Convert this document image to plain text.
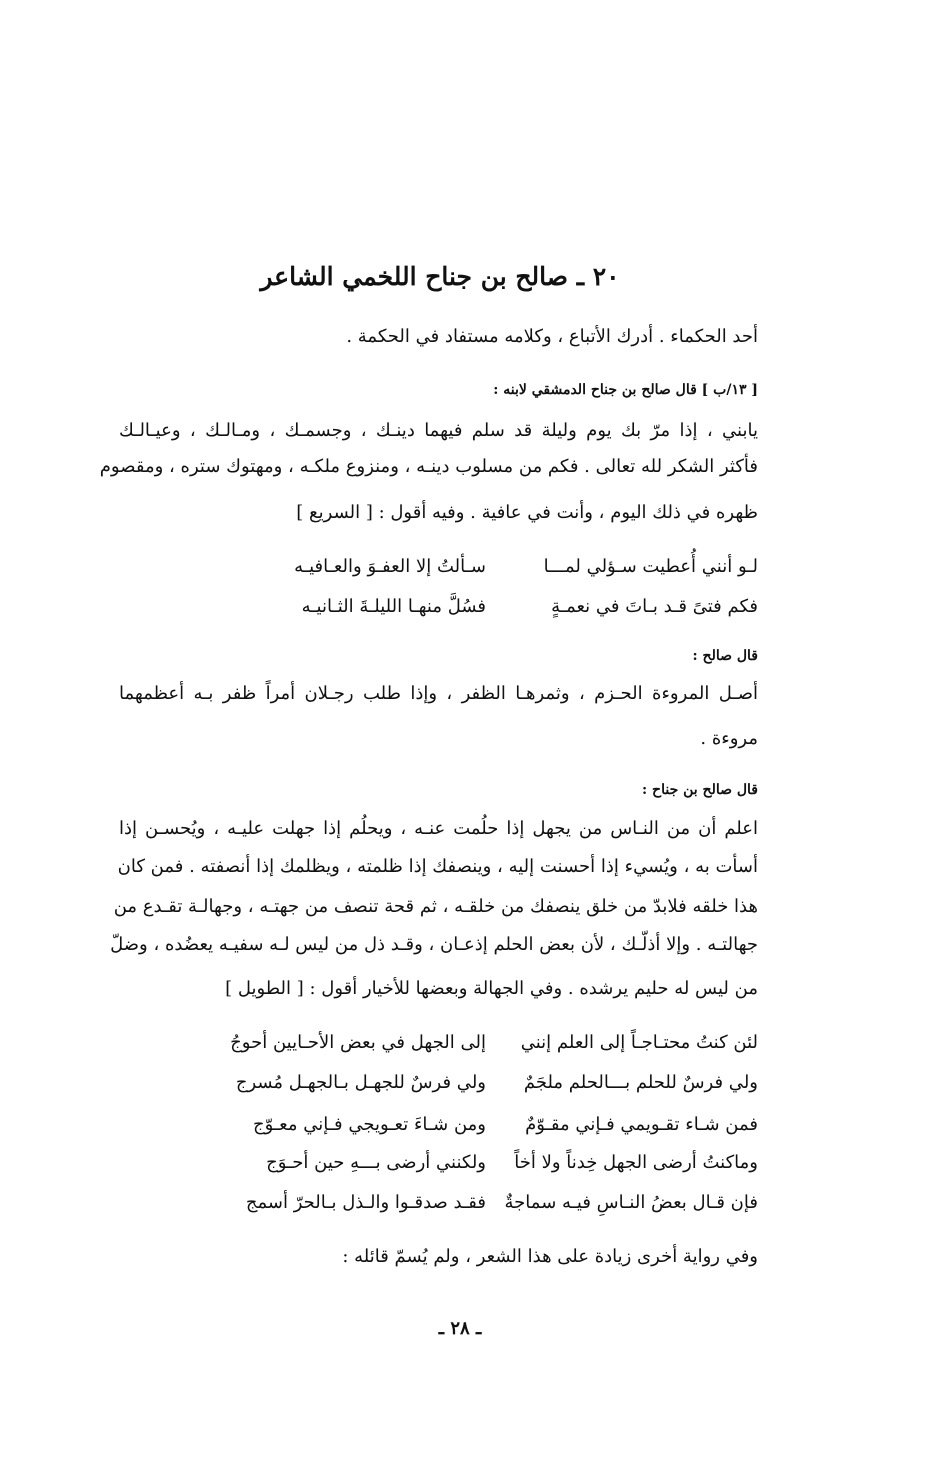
٢٠ ـ صالح بن جناح اللخمي الشاعر
أحد الحكماء . أدرك الأتباع ، وكلامه مستفاد في الحكمة .
[ ١٣/ب ] قال صالح بن جناح الدمشقي لابنه :
يابني ، إذا مرّ بك يوم وليلة قد سلم فيهما دينـك ، وجسمـك ، ومـالـك ، وعيـالـك
فأكثر الشكر لله تعالى . فكم من مسلوب دينـه ، ومنزوع ملكـه ، ومهتوك ستره ، ومقصوم
ظهره في ذلك اليوم ، وأنت في عافية . وفيه أقول : [ السريع ]
لـو أنني أُعطيت سـؤلي لمـــا
سـألتُ إلا العفـوَ والعـافيـه
فكم فتىً قـد بـاتَ في نعمـةٍ
فسُلَّ منهـا الليلـةَ الثـانيـه
قال صالح :
أصـل المروءة الحـزم ، وثمرهـا الظفر ، وإذا طلب رجـلان أمراً ظفر بـه أعظمهما
مروءة .
قال صالح بن جناح :
اعلم أن من النـاس من يجهل إذا حلُمت عنـه ، ويحلُم إذا جهلت عليـه ، ويُحسـن إذا
أسأت به ، ويُسيء إذا أحسنت إليه ، وينصفك إذا ظلمته ، ويظلمك إذا أنصفته . فمن كان
هذا خلقه فلابدّ من خلق ينصفك من خلقـه ، ثم قحة تنصف من جهتـه ، وجهالـة تقـدع من
جهالتـه . وإلا أذلّـك ، لأن بعض الحلم إذعـان ، وقـد ذل من ليس لـه سفيـه يعضُده ، وضلّ
من ليس له حليم يرشده . وفي الجهالة وبعضها للأخيار أقول : [ الطويل ]
لئن كنتُ محتـاجـاً إلى العلم إنني
إلى الجهل في بعض الأحـايين أحوجُ
ولي فرسٌ للحلم بـــالحلم ملجَمٌ
ولي فرسٌ للجهـل بـالجهـل مُسرج
فمن شـاء تقـويمي فـإني مقـوّمٌ
ومن شـاءَ تعـويجي فـإني معـوّج
وماكنتُ أرضى الجهل خِدناً ولا أخاً
ولكنني أرضى بـــهِ حين أحـوَج
فإن قـال بعضُ النـاسِ فيـه سماجةٌ
فقـد صدقـوا والـذل بـالحرّ أسمج
وفي رواية أخرى زيادة على هذا الشعر ، ولم يُسمّ قائله :
ـ ٢٨ ـ
